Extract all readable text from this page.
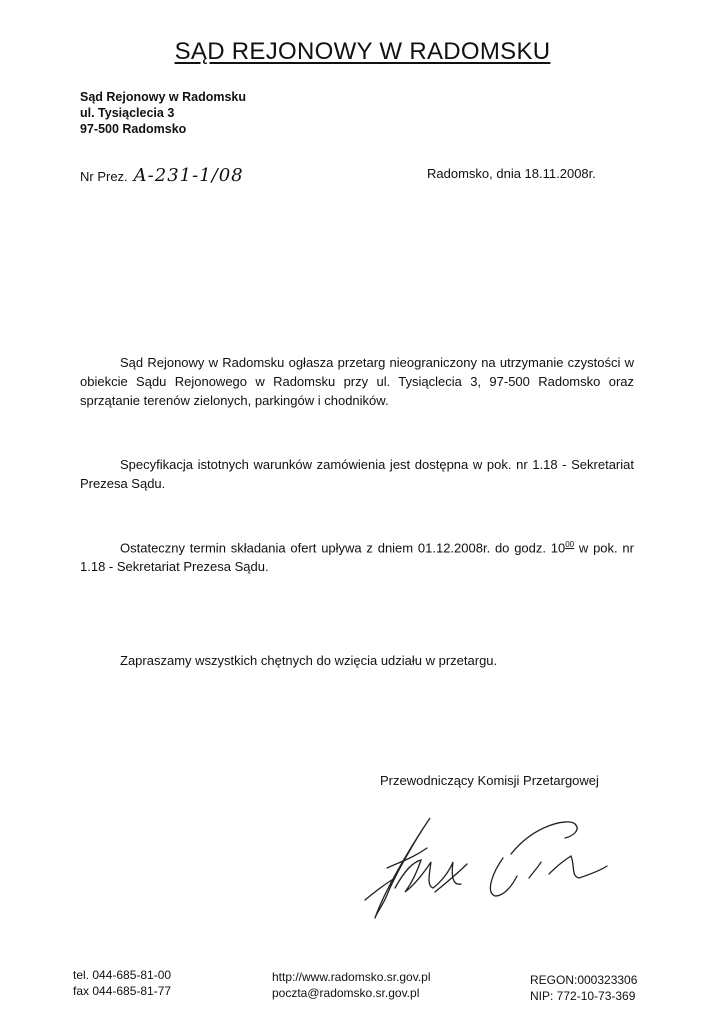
SĄD REJONOWY W RADOMSKU
Sąd Rejonowy w Radomsku
ul. Tysiąclecia 3
97-500 Radomsko
Nr Prez. A-231-1/08	Radomsko, dnia 18.11.2008r.
Sąd Rejonowy w Radomsku ogłasza przetarg nieograniczony na utrzymanie czystości w obiekcie Sądu Rejonowego w Radomsku przy ul. Tysiąclecia 3, 97-500 Radomsko oraz sprzątanie terenów zielonych, parkingów i chodników.
Specyfikacja istotnych warunków zamówienia jest dostępna w pok. nr 1.18 - Sekretariat Prezesa Sądu.
Ostateczny termin składania ofert upływa z dniem 01.12.2008r. do godz. $10^{00}$ w pok. nr 1.18 - Sekretariat Prezesa Sądu.
Zapraszamy wszystkich chętnych do wzięcia udziału w przetargu.
Przewodniczący Komisji Przetargowej
tel. 044-685-81-00
fax 044-685-81-77
http://www.radomsko.sr.gov.pl
poczta@radomsko.sr.gov.pl
REGON:000323306
NIP: 772-10-73-369
